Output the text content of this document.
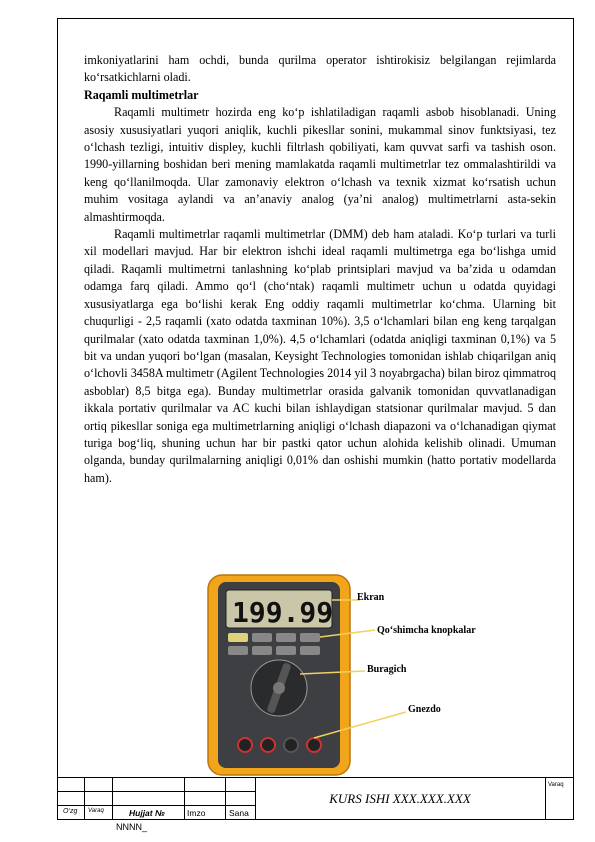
imkoniyatlarini ham ochdi, bunda qurilma operator ishtirokisiz belgilangan rejimlarda ko‘rsatkichlarni oladi.

Raqamli multimetrlar

Raqamli multimetr hozirda eng ko‘p ishlatiladigan raqamli asbob hisoblanadi. Uning asosiy xususiyatlari yuqori aniqlik, kuchli pikesllar sonini, mukammal sinov funktsiyasi, tez o‘lchash tezligi, intuitiv displey, kuchli filtrlash qobiliyati, kam quvvat sarfi va tashish oson. 1990-yillarning boshidan beri mening mamlakatda raqamli multimetrlar tez ommalashtirildi va keng qo‘llanilmoqda. Ular zamonaviy elektron o‘lchash va texnik xizmat ko‘rsatish uchun muhim vositaga aylandi va an’anaviy analog (ya’ni analog) multimetrlarni asta-sekin almashtirmoqda.

Raqamli multimetrlar raqamli multimetrlar (DMM) deb ham ataladi. Ko‘p turlari va turli xil modellari mavjud. Har bir elektron ishchi ideal raqamli multimetrga ega bo‘lishga umid qiladi. Raqamli multimetrni tanlashning ko‘plab printsiplari mavjud va ba’zida u odamdan odamga farq qiladi. Ammo qo‘l (cho‘ntak) raqamli multimetr uchun u odatda quyidagi xususiyatlarga ega bo‘lishi kerak Eng oddiy raqamli multimetrlar ko‘chma. Ularning bit chuqurligi - 2,5 raqamli (xato odatda taxminan 10%). 3,5 o‘lchamlari bilan eng keng tarqalgan qurilmalar (xato odatda taxminan 1,0%). 4,5 o‘lchamlari (odatda aniqligi taxminan 0,1%) va 5 bit va undan yuqori bo‘lgan (masalan, Keysight Technologies tomonidan ishlab chiqarilgan aniq o‘lchovli 3458A multimetr (Agilent Technologies 2014 yil 3 noyabrgacha) bilan biroz qimmatroq asboblar) 8,5 bitga ega). Bunday multimetrlar orasida galvanik tomonidan quvvatlanadigan ikkala portativ qurilmalar va AC kuchi bilan ishlaydigan statsionar qurilmalar mavjud. 5 dan ortiq pikesllar soniga ega multimetrlarning aniqligi o‘lchash diapazoni va o‘lchanadigan qiymat turiga bog‘liq, shuning uchun har bir pastki qator uchun alohida kelishib olinadi. Umuman olganda, bunday qurilmalarning aniqligi 0,01% dan oshishi mumkin (hatto portativ modellarda ham).

199.99 Ekran
Qo‘shimcha knopkalar
Buragich
Gnezdo
KURS ISHI XXX.XXX.XXX
Varaq
O‘zg Varaq	Hujjat №	Imzo	Sana
NNNN_
